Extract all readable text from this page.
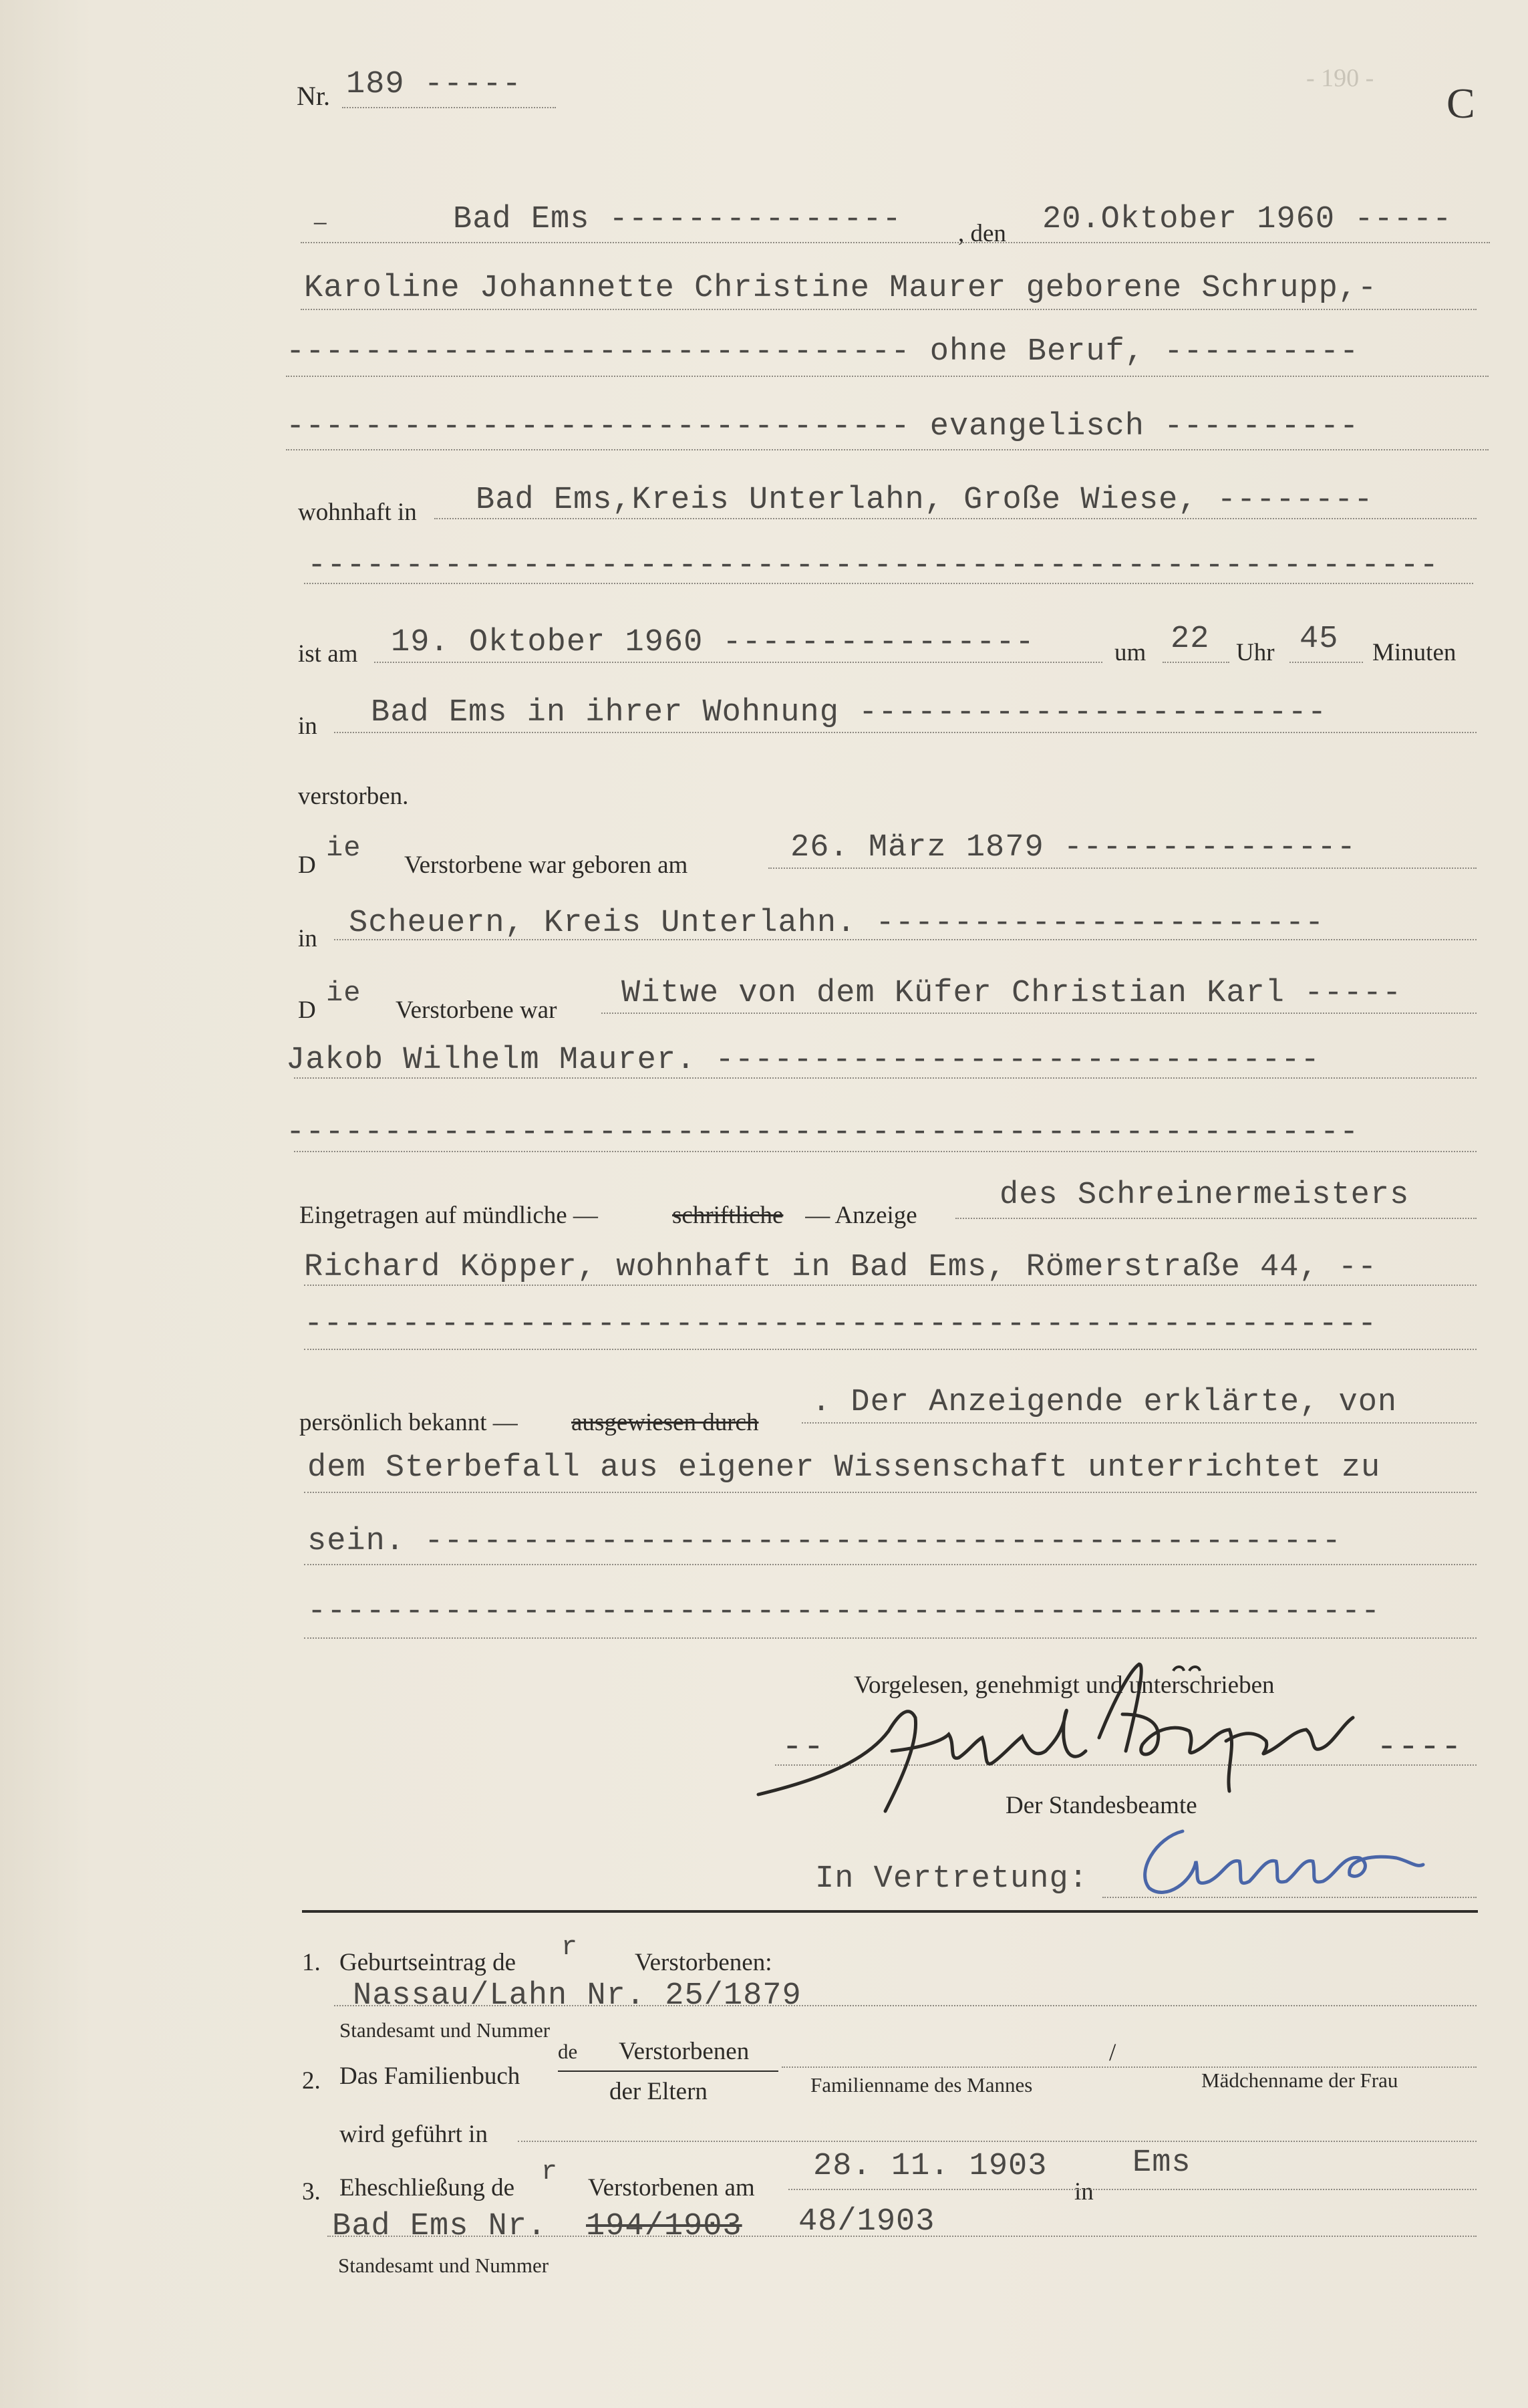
Nr. 189 -----	- 190 -
C
–	Bad Ems --------------- , den 20.Oktober 1960 -----
Karoline Johannette Christine Maurer geborene Schrupp,-
-------------------------------- ohne Beruf, ----------
-------------------------------- evangelisch ----------
wohnhaft in Bad Ems,Kreis Unterlahn, Große Wiese, --------
----------------------------------------------------------
ist am 19. Oktober 1960 ----------------	um 22 Uhr 45 Minuten
in Bad Ems in ihrer Wohnung ------------------------
verstorben.
D
ie
Verstorbene war geboren am	26. März 1879 ---------------
in Scheuern, Kreis Unterlahn. -----------------------
D
ie
Verstorbene war Witwe von dem Küfer Christian Karl -----
Jakob Wilhelm Maurer. -------------------------------
-------------------------------------------------------
Eingetragen auf mündliche —	schriftliche — Anzeige
des Schreinermeisters
Richard Köpper, wohnhaft in Bad Ems, Römerstraße 44, --
-------------------------------------------------------
persönlich bekannt — ausgewiesen durch
. Der Anzeigende erklärte, von
dem Sterbefall aus eigener Wissenschaft unterrichtet zu
sein. -----------------------------------------------
-------------------------------------------------------
Vorgelesen, genehmigt und unterschrieben
--	----
Der Standesbeamte
In Vertretung:
1. Geburtseintrag de r Verstorbenen:
Nassau/Lahn Nr. 25/1879
Standesamt und Nummer
2. Das Familienbuch
de Verstorbenen
der Eltern
/
Familienname des Mannes	Mädchenname der Frau
wird geführt in
3. Eheschließung de
r
Verstorbenen am
28. 11. 1903
in
Ems
Bad Ems Nr. 194/1903 48/1903
Standesamt und Nummer
